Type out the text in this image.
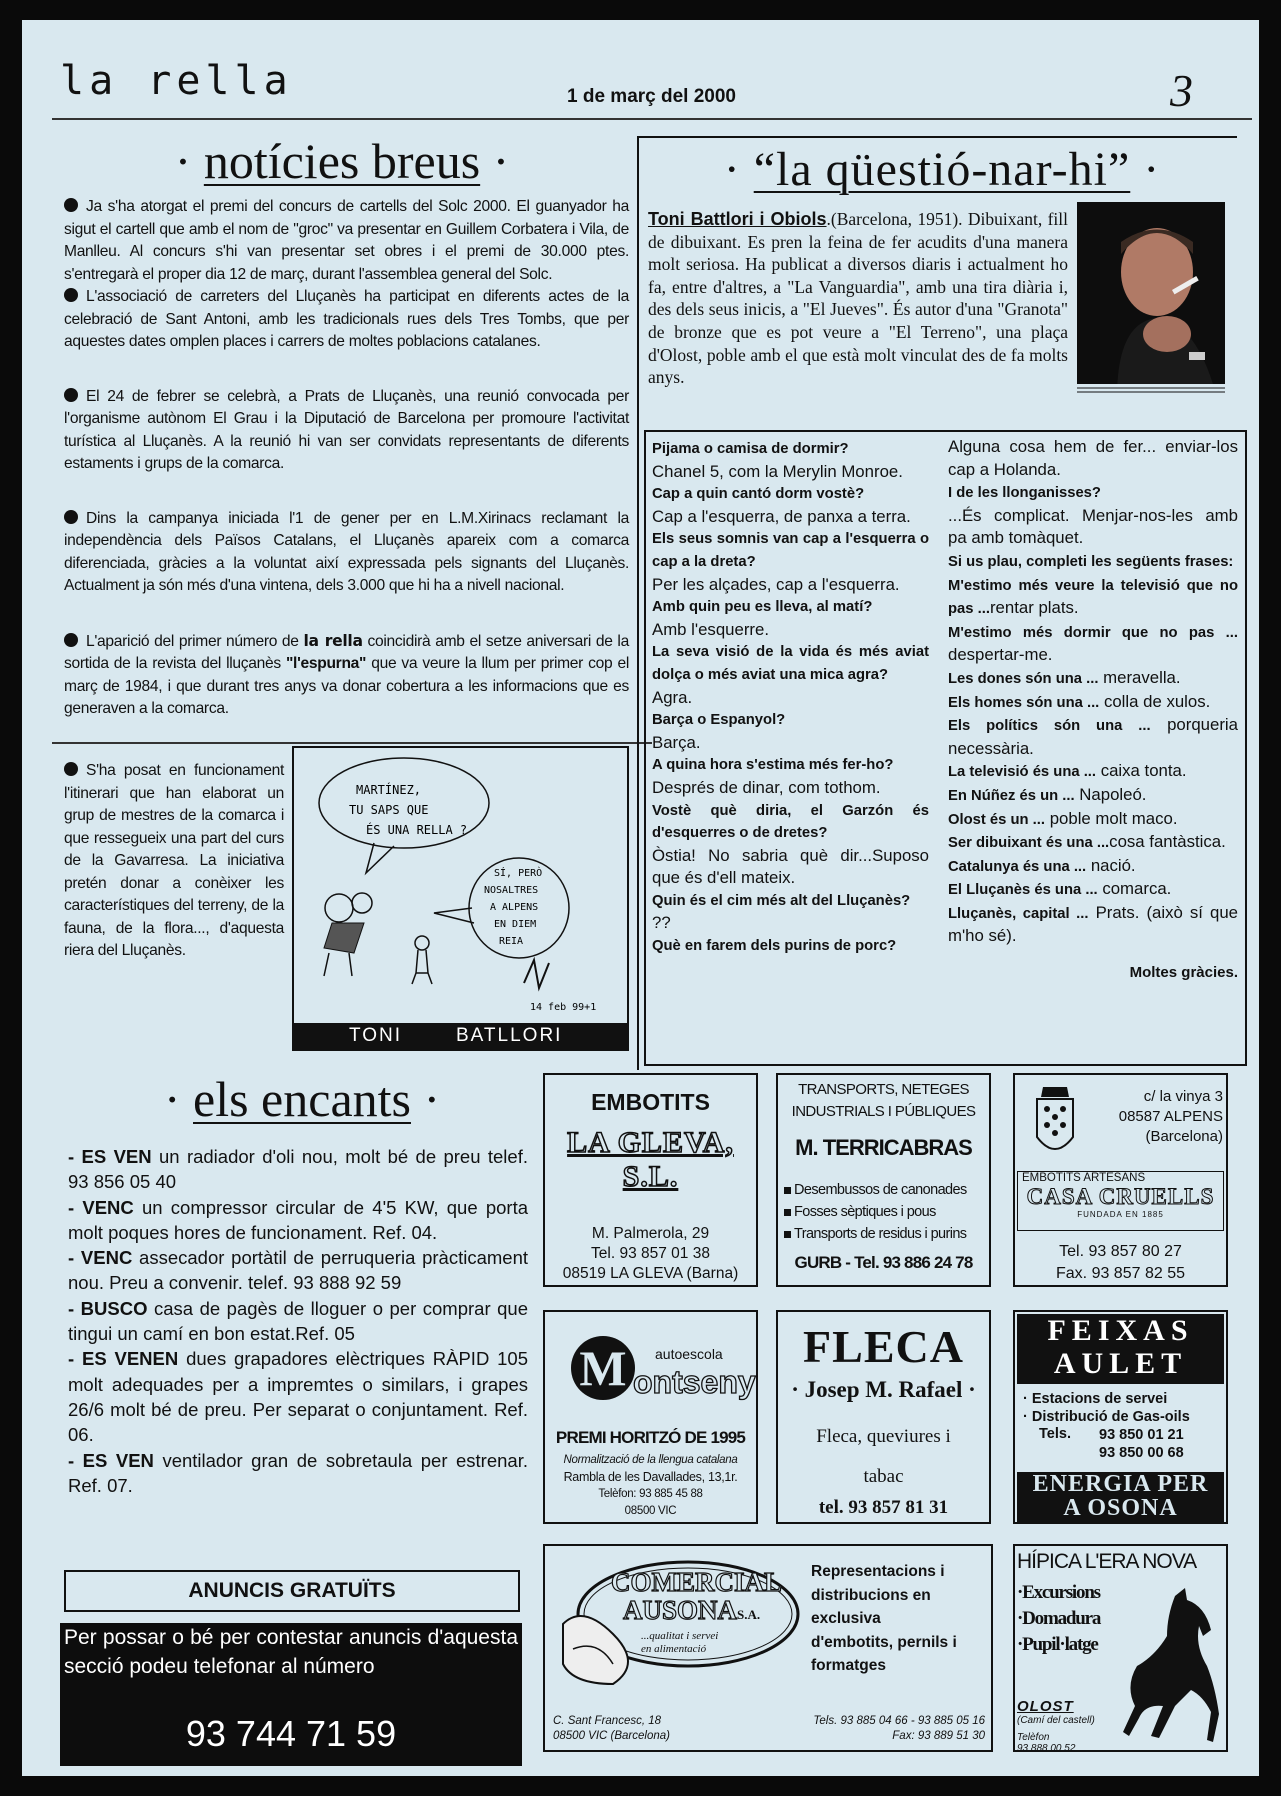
la rella	1 de març del 2000	3
· notícies breus ·

Ja s'ha atorgat el premi del concurs de cartells del Solc 2000. El guanyador ha sigut el cartell que amb el nom de "groc" va presentar en Guillem Corbatera i Vila, de Manlleu. Al concurs s'hi van presentar set obres i el premi de 30.000 ptes. s'entregarà el proper dia 12 de març, durant l'assemblea general del Solc.

L'associació de carreters del Lluçanès ha participat en diferents actes de la celebració de Sant Antoni, amb les tradicionals rues dels Tres Tombs, que per aquestes dates omplen places i carrers de moltes poblacions catalanes.

El 24 de febrer se celebrà, a Prats de Lluçanès, una reunió convocada per l'organisme autònom El Grau i la Diputació de Barcelona per promoure l'activitat turística al Lluçanès. A la reunió hi van ser convidats representants de diferents estaments i grups de la comarca.

Dins la campanya iniciada l'1 de gener per en L.M.Xirinacs reclamant la independència dels Països Catalans, el Lluçanès apareix com a comarca diferenciada, gràcies a la voluntat així expressada pels signants del Lluçanès. Actualment ja són més d'una vintena, dels 3.000 que hi ha a nivell nacional.

L'aparició del primer número de la rella coincidirà amb el setze aniversari de la sortida de la revista del lluçanès "l'espurna" que va veure la llum per primer cop el març de 1984, i que durant tres anys va donar cobertura a les informacions que es generaven a la comarca.

S'ha posat en funcionament l'itinerari que han elaborat un grup de mestres de la comarca i que ressegueix una part del curs de la Gavarresa. La iniciativa pretén donar a conèixer les característiques del terreny, de la fauna, de la flora..., d'aquesta riera del Lluçanès.

MARTÍNEZ,
TU SAPS QUE
ÉS UNA RELLA ?
SÍ, PERÒ
NOSALTRES
A ALPENS
EN DIEM
REIA
14 feb 99+1
TONI	BATLLORI
· “la qüestió-nar-hi” ·
Toni Battlori i Obiols.(Barcelona, 1951). Dibuixant, fill de dibuixant. Es pren la feina de fer acudits d'una manera molt seriosa. Ha publicat a diversos diaris i actualment ho fa, entre d'altres, a "La Vanguardia", amb una tira diària i, des dels seus inicis, a "El Jueves". És autor d'una "Granota" de bronze que es pot veure a "El Terreno", una plaça d'Olost, poble amb el que està molt vinculat des de fa molts anys.
Pijama o camisa de dormir?
Chanel 5, com la Merylin Monroe.
Cap a quin cantó dorm vostè?
Cap a l'esquerra, de panxa a terra.
Els seus somnis van cap a l'esquerra o cap a la dreta?
Per les alçades, cap a l'esquerra.
Amb quin peu es lleva, al matí?
Amb l'esquerre.
La seva visió de la vida és més aviat dolça o més aviat una mica agra?
Agra.
Barça o Espanyol?
Barça.
A quina hora s'estima més fer-ho?
Després de dinar, com tothom.
Vostè què diria, el Garzón és d'esquerres o de dretes?
Òstia! No sabria què dir...Suposo que és d'ell mateix.
Quin és el cim més alt del Lluçanès?
??
Què en farem dels purins de porc?
Alguna cosa hem de fer... enviar-los cap a Holanda.
I de les llonganisses?
...És complicat. Menjar-nos-les amb pa amb tomàquet.
Si us plau, completi les següents frases:
M'estimo més veure la televisió que no pas ...rentar plats.
M'estimo més dormir que no pas ... despertar-me.
Les dones són una ... meravella.
Els homes són una ... colla de xulos.
Els polítics són una ... porqueria necessària.
La televisió és una ... caixa tonta.
En Núñez és un ... Napoleó.
Olost és un ... poble molt maco.
Ser dibuixant és una ...cosa fantàstica.
Catalunya és una ... nació.
El Lluçanès és una ... comarca.
Lluçanès, capital ... Prats. (això sí que m'ho sé).
Moltes gràcies.
· els encants ·
- ES VEN un radiador d'oli nou, molt bé de preu telef. 93 856 05 40
- VENC un compressor circular de 4'5 KW, que porta molt poques hores de funcionament. Ref. 04.
- VENC assecador portàtil de perruqueria pràcticament nou. Preu a convenir. telef. 93 888 92 59
- BUSCO casa de pagès de lloguer o per comprar que tingui un camí en bon estat.Ref. 05
- ES VENEN dues grapadores elèctriques RÀPID 105 molt adequades per a impremtes o similars, i grapes 26/6 molt bé de preu. Per separat o conjuntament. Ref. 06.
- ES VEN ventilador gran de sobretaula per estrenar. Ref. 07.
ANUNCIS GRATUÏTS
Per possar o bé per contestar anuncis d'aquesta secció podeu telefonar al número
93 744 71 59
EMBOTITS
LA GLEVA, S.L.
M. Palmerola, 29
Tel. 93 857 01 38
08519 LA GLEVA (Barna)
TRANSPORTS, NETEGES
INDUSTRIALS I PÚBLIQUES
M. TERRICABRAS
Desembussos de canonades
Fosses sèptiques i pous
Transports de residus i purins
GURB - Tel. 93 886 24 78
c/ la vinya 3
08587 ALPENS
(Barcelona)
EMBOTITS ARTESANS
CASA CRUELLS
FUNDADA EN 1885
Tel. 93 857 80 27
Fax. 93 857 82 55
M	autoescola
ontseny
PREMI HORITZÓ DE 1995
Normalització de la llengua catalana
Rambla de les Davallades, 13,1r.
Telèfon: 93 885 45 88
08500 VIC
FLECA
· Josep M. Rafael ·
Fleca, queviures i
tabac
tel. 93 857 81 31
FEIXAS
AULET
· Estacions de servei
· Distribució de Gas-oils
Tels. 93 850 01 21
93 850 00 68
ENERGIA PER
A OSONA
COMERCIAL
AUSONAS.A.
...qualitat i servei
en alimentació
Representacions i
distribucions en
exclusiva
d'embotits, pernils i
formatges
C. Sant Francesc, 18
08500 VIC (Barcelona)
Tels. 93 885 04 66 - 93 885 05 16
Fax: 93 889 51 30
HÍPICA L'ERA NOVA
·Excursions
·Domadura
·Pupil·latge
OLOST
(Camí del castell)
Telèfon
93 888 00 52
